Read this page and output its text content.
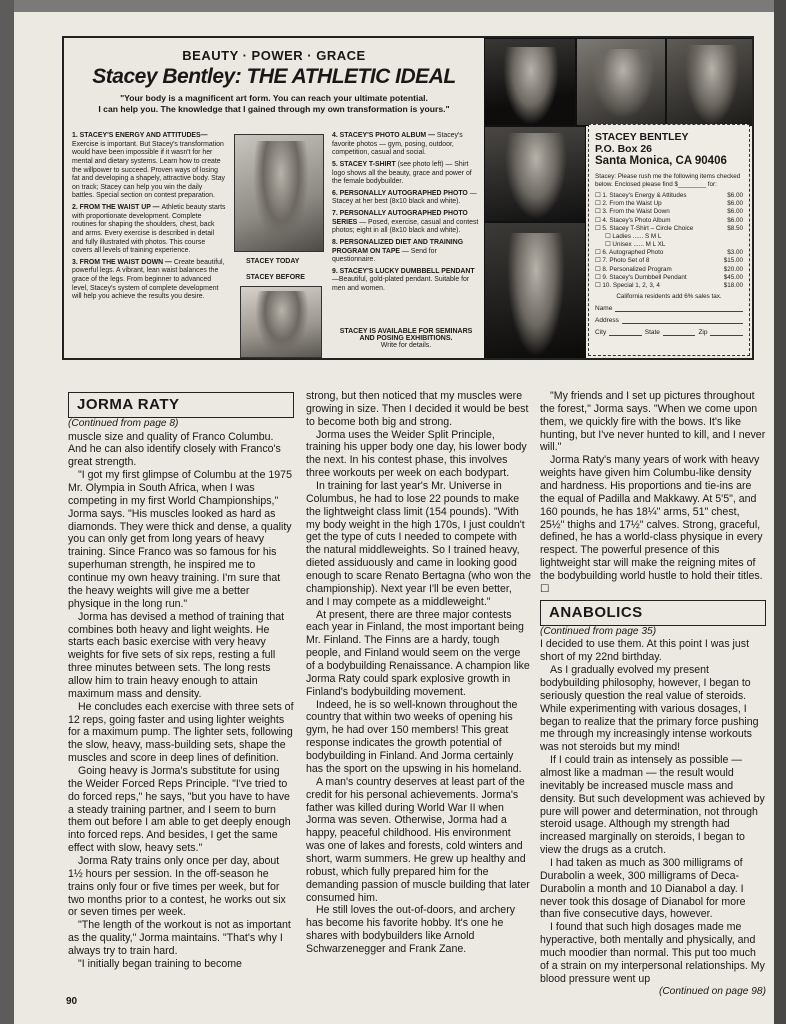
BEAUTY · POWER · GRACE
Stacey Bentley: THE ATHLETIC IDEAL
"Your body is a magnificent art form. You can reach your ultimate potential.
I can help you. The knowledge that I gained through my own transformation is yours."

1. STACEY'S ENERGY AND ATTITUDES—Exercise is important. But Stacey's transformation would have been impossible if it wasn't for her mental and dietary systems. Learn how to create the willpower to succeed. Proven ways of losing fat and developing a shapely, attractive body. Stay on track; Stacey can help you win the daily battles. Special section on contest preparation.

2. FROM THE WAIST UP — Athletic beauty starts with proportionate development. Complete routines for shaping the shoulders, chest, back and arms. Every exercise is described in detail and fully illustrated with photos. This course covers all levels of training experience.

3. FROM THE WAIST DOWN — Create beautiful, powerful legs. A vibrant, lean waist balances the grace of the legs. From beginner to advanced level, Stacey's system of complete development will help you achieve the results you desire.

STACEY TODAY
STACEY BEFORE

4. STACEY'S PHOTO ALBUM — Stacey's favorite photos — gym, posing, outdoor, competition, casual and social.

5. STACEY T-SHIRT (see photo left) — Shirt logo shows all the beauty, grace and power of the female bodybuilder.

6. PERSONALLY AUTOGRAPHED PHOTO — Stacey at her best (8x10 black and white).

7. PERSONALLY AUTOGRAPHED PHOTO SERIES — Posed, exercise, casual and contest photos; eight in all (8x10 black and white).

8. PERSONALIZED DIET AND TRAINING PROGRAM ON TAPE — Send for questionnaire.

9. STACEY'S LUCKY DUMBBELL PENDANT—Beautiful, gold-plated pendant. Suitable for men and women.

STACEY IS AVAILABLE FOR SEMINARS
AND POSING EXHIBITIONS.
Write for details.
STACEY BENTLEY
P.O. Box 26
Santa Monica, CA 90406
Stacey: Please rush me the following items checked below. Enclosed please find $________ for:
☐ 1. Stacey's Energy & Attitudes	$6.00
☐ 2. From the Waist Up	$6.00
☐ 3. From the Waist Down	$6.00
☐ 4. Stacey's Photo Album	$6.00
☐ 5. Stacey T-Shirt – Circle Choice	$8.50
☐ Ladies ...... S M L
☐ Unisex ...... M L XL
☐ 6. Autographed Photo	$3.00
☐ 7. Photo Set of 8	$15.00
☐ 8. Personalized Program	$20.00
☐ 9. Stacey's Dumbbell Pendant	$45.00
☐ 10. Special 1, 2, 3, 4	$18.00
California residents add 6% sales tax.
Name
Address
City	State	Zip
JORMA RATY
(Continued from page 8)

muscle size and quality of Franco Columbu. And he can also identify closely with Franco's great strength.

"I got my first glimpse of Columbu at the 1975 Mr. Olympia in South Africa, when I was competing in my first World Championships," Jorma says. "His muscles looked as hard as diamonds. They were thick and dense, a quality you can only get from long years of heavy training. Since Franco was so famous for his superhuman strength, he inspired me to continue my own heavy training. I'm sure that the heavy weights will give me a better physique in the long run."

Jorma has devised a method of training that combines both heavy and light weights. He starts each basic exercise with very heavy weights for five sets of six reps, resting a full three minutes between sets. The long rests allow him to train heavy enough to attain maximum mass and density.

He concludes each exercise with three sets of 12 reps, going faster and using lighter weights for a maximum pump. The lighter sets, following the slow, heavy, mass-building sets, shape the muscles and score in deep lines of definition.

Going heavy is Jorma's substitute for using the Weider Forced Reps Principle. "I've tried to do forced reps," he says, "but you have to have a steady training partner, and I seem to burn them out before I am able to get deeply enough into forced reps. And besides, I get the same effect with slow, heavy sets."

Jorma Raty trains only once per day, about 1½ hours per session. In the off-season he trains only four or five times per week, but for two months prior to a contest, he works out six or seven times per week.

"The length of the workout is not as important as the quality," Jorma maintains. "That's why I always try to train hard.

"I initially began training to become

strong, but then noticed that my muscles were growing in size. Then I decided it would be best to become both big and strong.

Jorma uses the Weider Split Principle, training his upper body one day, his lower body the next. In his contest phase, this involves three workouts per week on each bodypart.

In training for last year's Mr. Universe in Columbus, he had to lose 22 pounds to make the lightweight class limit (154 pounds). "With my body weight in the high 170s, I just couldn't get the type of cuts I needed to compete with the natural middleweights. So I trained heavy, dieted assiduously and came in looking good enough to scare Renato Bertagna (who won the championship). Next year I'll be even better, and I may compete as a middleweight."

At present, there are three major contests each year in Finland, the most important being Mr. Finland. The Finns are a hardy, tough people, and Finland would seem on the verge of a bodybuilding Renaissance. A champion like Jorma Raty could spark explosive growth in Finland's bodybuilding movement.

Indeed, he is so well-known throughout the country that within two weeks of opening his gym, he had over 150 members! This great response indicates the growth potential of bodybuilding in Finland. And Jorma certainly has the sport on the upswing in his homeland.

A man's country deserves at least part of the credit for his personal achievements. Jorma's father was killed during World War II when Jorma was seven. Otherwise, Jorma had a happy, peaceful childhood. His environment was one of lakes and forests, cold winters and short, warm summers. He grew up healthy and robust, which fully prepared him for the demanding passion of muscle building that later consumed him.

He still loves the out-of-doors, and archery has become his favorite hobby. It's one he shares with bodybuilders like Arnold Schwarzenegger and Frank Zane.

"My friends and I set up pictures throughout the forest," Jorma says. "When we come upon them, we quickly fire with the bows. It's like hunting, but I've never hunted to kill, and I never will."

Jorma Raty's many years of work with heavy weights have given him Columbu-like density and hardness. His proportions and tie-ins are the equal of Padilla and Makkawy. At 5'5", and 160 pounds, he has 18¼" arms, 51" chest, 25½" thighs and 17½" calves. Strong, graceful, defined, he has a world-class physique in every respect. The powerful presence of this lightweight star will make the reigning mites of the bodybuilding world hustle to hold their titles. ☐

ANABOLICS
(Continued from page 35)

I decided to use them. At this point I was just short of my 22nd birthday.

As I gradually evolved my present bodybuilding philosophy, however, I began to seriously question the real value of steroids. While experimenting with various dosages, I began to realize that the primary force pushing me through my increasingly intense workouts was not steroids but my mind!

If I could train as intensely as possible — almost like a madman — the result would inevitably be increased muscle mass and density. But such development was achieved by pure will power and determination, not through steroid usage. Although my strength had increased marginally on steroids, I began to view the drugs as a crutch.

I had taken as much as 300 milligrams of Durabolin a week, 300 milligrams of Deca-Durabolin a month and 10 Dianabol a day. I never took this dosage of Dianabol for more than five consecutive days, however.

I found that such high dosages made me hyperactive, both mentally and physically, and much moodier than normal. This put too much of a strain on my interpersonal relationships. My blood pressure went up

(Continued on page 98)
90
